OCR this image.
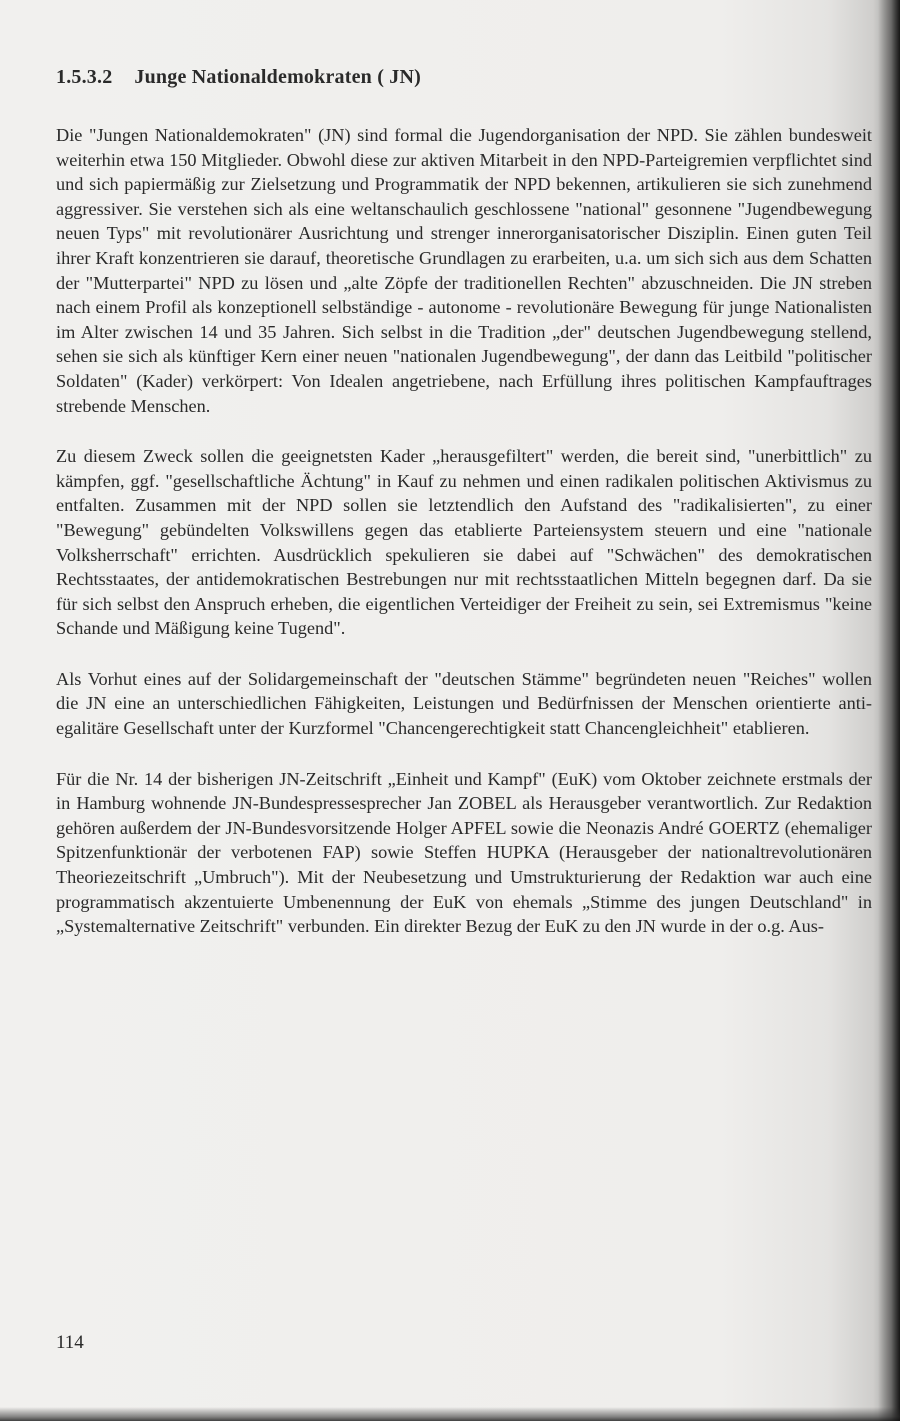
1.5.3.2 Junge Nationaldemokraten ( JN)

Die "Jungen Nationaldemokraten" (JN) sind formal die Jugendorganisation der NPD. Sie zählen bundesweit weiterhin etwa 150 Mitglieder. Obwohl diese zur aktiven Mitarbeit in den NPD-Parteigremien verpflichtet sind und sich papiermäßig zur Zielsetzung und Programmatik der NPD bekennen, artikulieren sie sich zunehmend aggressiver. Sie verstehen sich als eine weltanschaulich geschlossene "national" gesonnene "Jugendbewegung neuen Typs" mit revolutionärer Ausrichtung und strenger innerorganisatorischer Disziplin. Einen guten Teil ihrer Kraft konzentrieren sie darauf, theoretische Grundlagen zu erarbeiten, u.a. um sich sich aus dem Schatten der "Mutterpartei" NPD zu lösen und „alte Zöpfe der traditionellen Rechten" abzuschneiden. Die JN streben nach einem Profil als konzeptionell selbständige - autonome - revolutionäre Bewegung für junge Nationalisten im Alter zwischen 14 und 35 Jahren. Sich selbst in die Tradition „der" deutschen Jugendbewegung stellend, sehen sie sich als künftiger Kern einer neuen "nationalen Jugendbewegung", der dann das Leitbild "politischer Soldaten" (Kader) verkörpert: Von Idealen angetriebene, nach Erfüllung ihres politischen Kampfauftrages strebende Menschen.

Zu diesem Zweck sollen die geeignetsten Kader „herausgefiltert" werden, die bereit sind, "unerbittlich" zu kämpfen, ggf. "gesellschaftliche Ächtung" in Kauf zu nehmen und einen radikalen politischen Aktivismus zu entfalten. Zusammen mit der NPD sollen sie letztendlich den Aufstand des "radikalisierten", zu einer "Bewegung" gebündelten Volkswillens gegen das etablierte Parteiensystem steuern und eine "nationale Volksherrschaft" errichten. Ausdrücklich spekulieren sie dabei auf "Schwächen" des demokratischen Rechtsstaates, der antidemokratischen Bestrebungen nur mit rechtsstaatlichen Mitteln begegnen darf. Da sie für sich selbst den Anspruch erheben, die eigentlichen Verteidiger der Freiheit zu sein, sei Extremismus "keine Schande und Mäßigung keine Tugend".

Als Vorhut eines auf der Solidargemeinschaft der "deutschen Stämme" begründeten neuen "Reiches" wollen die JN eine an unterschiedlichen Fähigkeiten, Leistungen und Bedürfnissen der Menschen orientierte anti-egalitäre Gesellschaft unter der Kurzformel "Chancengerechtigkeit statt Chancengleichheit" etablieren.

Für die Nr. 14 der bisherigen JN-Zeitschrift „Einheit und Kampf" (EuK) vom Oktober zeichnete erstmals der in Hamburg wohnende JN-Bundespressesprecher Jan ZOBEL als Herausgeber verantwortlich. Zur Redaktion gehören außerdem der JN-Bundesvorsitzende Holger APFEL sowie die Neonazis André GOERTZ (ehemaliger Spitzenfunktionär der verbotenen FAP) sowie Steffen HUPKA (Herausgeber der nationaltrevolutionären Theoriezeitschrift „Umbruch"). Mit der Neubesetzung und Umstrukturierung der Redaktion war auch eine programmatisch akzentuierte Umbenennung der EuK von ehemals „Stimme des jungen Deutschland" in „Systemalternative Zeitschrift" verbunden. Ein direkter Bezug der EuK zu den JN wurde in der o.g. Aus-

114
